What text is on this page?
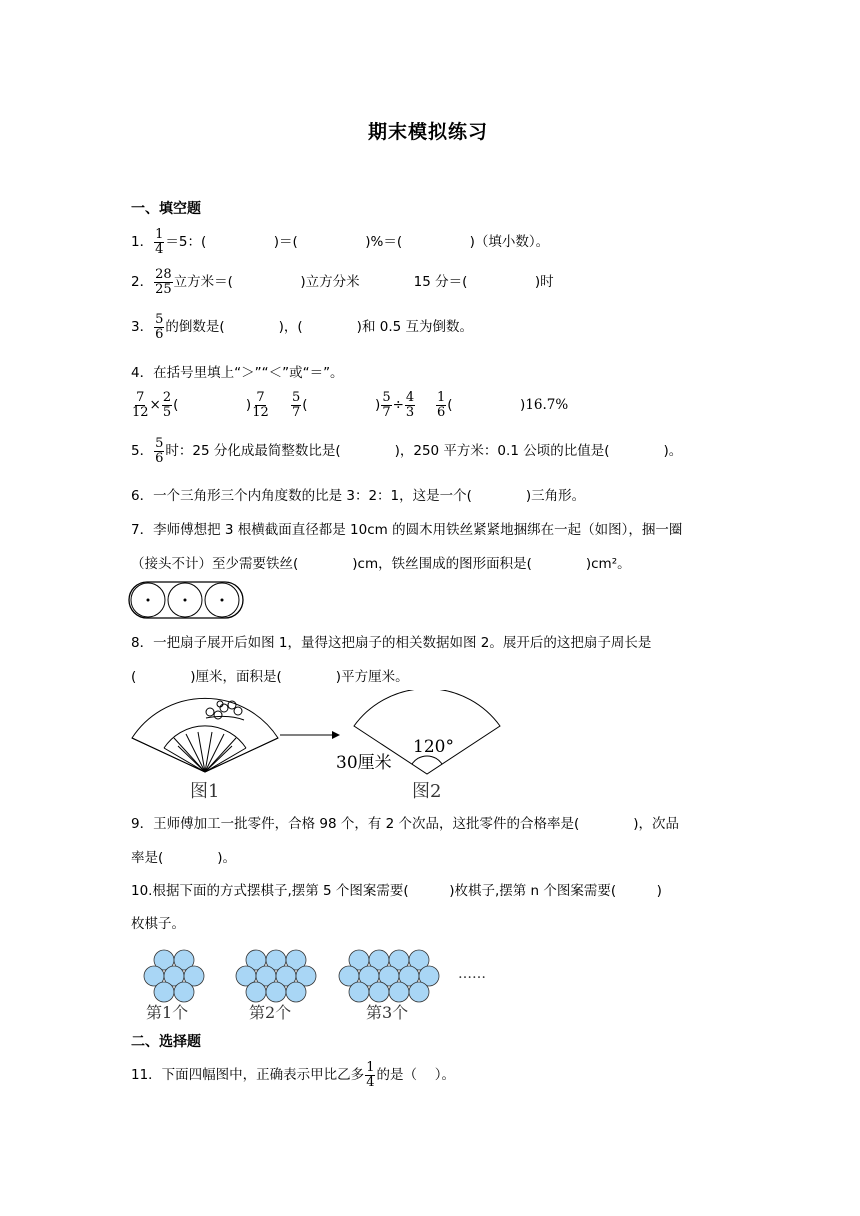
期末模拟练习
一、填空题
1． $\frac{1}{4} =5$：(　　　　　)＝(　　　　　)%＝(　　　　　)（填小数）。
2． $\frac{28}{25}$ 立方米＝(　　　　　)立方分米　　　　15 分＝(　　　　　)时
3． $\frac{5}{6}$ 的倒数是(　　　　)，(　　　　)和 0.5 互为倒数。
4．在括号里填上“＞”“＜”或“＝”。
$\frac{7}{12} \times \frac{2}{5}$ (　　　　　) $\frac{7}{12} \frac{5}{7}$ (　　　　　) $\frac{5}{7} \div \frac{4}{3} \frac{1}{6}$ (　　　　　)16.7%
5． $\frac{5}{6}$ 时：25 分化成最简整数比是(　　　　)，250 平方米：0.1 公顷的比值是(　　　　)。
6．一个三角形三个内角度数的比是 3：2：1，这是一个(　　　　)三角形。
7．李师傅想把 3 根横截面直径都是 10cm 的圆木用铁丝紧紧地捆绑在一起（如图），捆一圈
（接头不计）至少需要铁丝(　　　　)cm，铁丝围成的图形面积是(　　　　)cm²。
8．一把扇子展开后如图 1，量得这把扇子的相关数据如图 2。展开后的这把扇子周长是
(　　　　)厘米，面积是(　　　　)平方厘米。
图1
120°
30厘米
图2
9．王师傅加工一批零件，合格 98 个，有 2 个次品，这批零件的合格率是(　　　　)，次品
率是(　　　　)。
10.根据下面的方式摆棋子,摆第 5 个图案需要(　　　)枚棋子,摆第 n 个图案需要(　　　)
枚棋子。
第1个	第2个	第3个
……
二、选择题
11．下面四幅图中，正确表示甲比乙多 $\frac{1}{4}$ 的是（　 ）。
